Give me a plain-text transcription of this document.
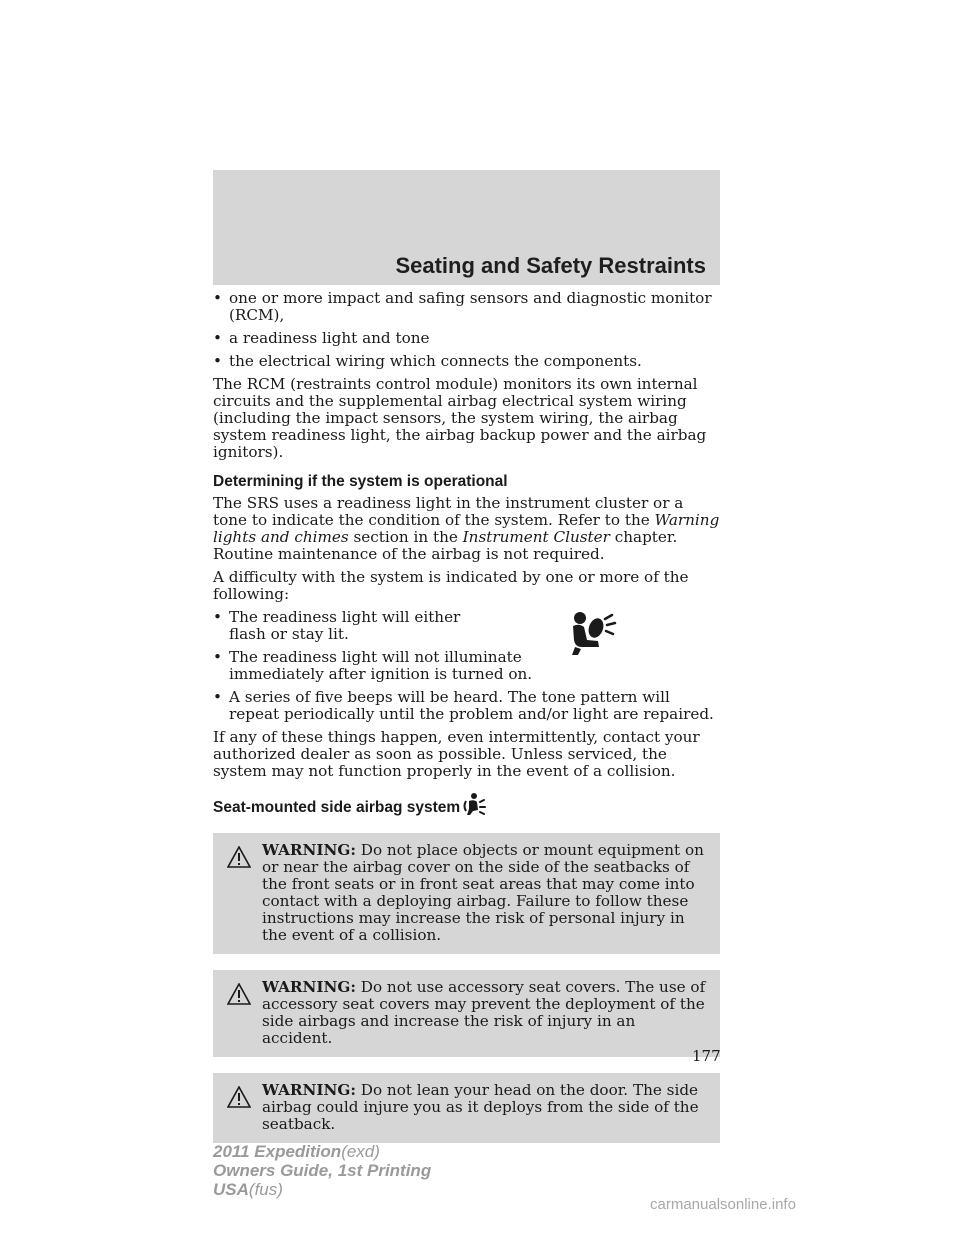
Seating and Safety Restraints
• one or more impact and safing sensors and diagnostic monitor (RCM),
• a readiness light and tone
• the electrical wiring which connects the components.

The RCM (restraints control module) monitors its own internal circuits and the supplemental airbag electrical system wiring (including the impact sensors, the system wiring, the airbag system readiness light, the airbag backup power and the airbag ignitors).

Determining if the system is operational

The SRS uses a readiness light in the instrument cluster or a tone to indicate the condition of the system. Refer to the Warning lights and chimes section in the Instrument Cluster chapter. Routine maintenance of the airbag is not required.

A difficulty with the system is indicated by one or more of the following:

• The readiness light will either flash or stay lit.
• The readiness light will not illuminate immediately after ignition is turned on.
• A series of five beeps will be heard. The tone pattern will repeat periodically until the problem and/or light are repaired.

If any of these things happen, even intermittently, contact your authorized dealer as soon as possible. Unless serviced, the system may not function properly in the event of a collision.

Seat-mounted side airbag system
WARNING: Do not place objects or mount equipment on or near the airbag cover on the side of the seatbacks of the front seats or in front seat areas that may come into contact with a deploying airbag. Failure to follow these instructions may increase the risk of personal injury in the event of a collision.
WARNING: Do not use accessory seat covers. The use of accessory seat covers may prevent the deployment of the side airbags and increase the risk of injury in an accident.
WARNING: Do not lean your head on the door. The side airbag could injure you as it deploys from the side of the seatback.
177
2011 Expedition(exd)
Owners Guide, 1st Printing
USA(fus)
carmanualsonline.info
